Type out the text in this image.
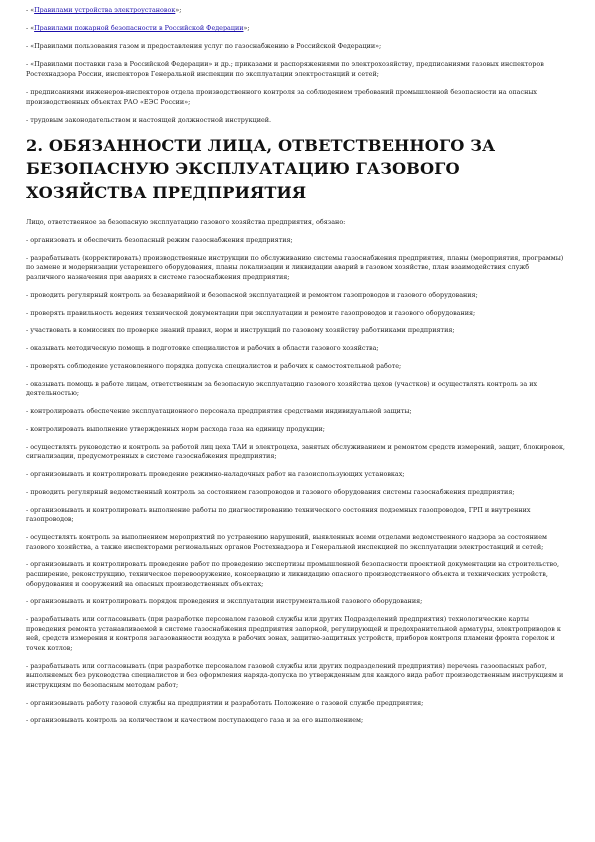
- «Правилами устройства электроустановок»;

- «Правилами пожарной безопасности в Российской Федерации»;

- «Правилами пользования газом и предоставления услуг по газоснабжению в Российской Федерации»;

- «Правилами поставки газа в Российской Федерации» и др.; приказами и распоряжениями по электрохозяйству, предписаниями газовых инспекторов Ростехнадзора России, инспекторов Генеральной инспекции по эксплуатации электростанций и сетей;

- предписаниями инженеров-инспекторов отдела производственного контроля за соблюдением требований промышленной безопасности на опасных производственных объектах РАО «ЕЭС России»;

- трудовым законодательством и настоящей должностной инструкцией.

2. ОБЯЗАННОСТИ ЛИЦА, ОТВЕТСТВЕННОГО ЗА БЕЗОПАСНУЮ ЭКСПЛУАТАЦИЮ ГАЗОВОГО ХОЗЯЙСТВА ПРЕДПРИЯТИЯ

Лицо, ответственное за безопасную эксплуатацию газового хозяйства предприятия, обязано:

- организовать и обеспечить безопасный режим газоснабжения предприятия;

- разрабатывать (корректировать) производственные инструкции по обслуживанию системы газоснабжения предприятия, планы (мероприятия, программы) по замене и модернизации устаревшего оборудования, планы локализации и ликвидации аварий в газовом хозяйстве, план взаимодействия служб различного назначения при авариях в системе газоснабжения предприятия;

- проводить регулярный контроль за безаварийной и безопасной эксплуатацией и ремонтом газопроводов и газового оборудования;

- проверять правильность ведения технической документации при эксплуатации и ремонте газопроводов и газового оборудования;

- участвовать в комиссиях по проверке знаний правил, норм и инструкций по газовому хозяйству работниками предприятия;

- оказывать методическую помощь в подготовке специалистов и рабочих в области газового хозяйства;

- проверять соблюдение установленного порядка допуска специалистов и рабочих к самостоятельной работе;

- оказывать помощь в работе лицам, ответственным за безопасную эксплуатацию газового хозяйства цехов (участков) и осуществлять контроль за их деятельностью;

- контролировать обеспечение эксплуатационного персонала предприятия средствами индивидуальной защиты;

- контролировать выполнение утвержденных норм расхода газа на единицу продукции;

- осуществлять руководство и контроль за работой лиц цеха ТАИ и электроцеха, занятых обслуживанием и ремонтом средств измерений, защит, блокировок, сигнализации, предусмотренных в системе газоснабжения предприятия;

- организовывать и контролировать проведение режимно-наладочных работ на газоиспользующих установках;

- проводить регулярный ведомственный контроль за состоянием газопроводов и газового оборудования системы газоснабжения предприятия;

- организовывать и контролировать выполнение работы по диагностированию технического состояния подземных газопроводов, ГРП и внутренних газопроводов;

- осуществлять контроль за выполнением мероприятий по устранению нарушений, выявленных всеми отделами ведомственного надзора за состоянием газового хозяйства, а также инспекторами региональных органов Ростехнадзора и Генеральной инспекцией по эксплуатации электростанций и сетей;

- организовывать и контролировать проведение работ по проведению экспертизы промышленной безопасности проектной документации на строительство, расширение, реконструкцию, техническое перевооружение, консервацию и ликвидацию опасного производственного объекта и технических устройств, оборудования и сооружений на опасных производственных объектах;

- организовывать и контролировать порядок проведения и эксплуатации инструментальной газового оборудования;

- разрабатывать или согласовывать (при разработке персоналом газовой службы или других Подразделений предприятия) технологические карты проведения ремонта устанавливаемой в системе газоснабжения предприятия запорной, регулирующей и предохранительной арматуры, электроприводов к ней, средств измерения и контроля загазованности воздуха в рабочих зонах, защитно-защитных устройств, приборов контроля пламени фронта горелок и точек котлов;

- разрабатывать или согласовывать (при разработке персоналом газовой службы или других подразделений предприятия) перечень газоопасных работ, выполняемых без руководства специалистов и без оформления наряда-допуска по утвержденным для каждого вида работ производственным инструкциям и инструкциям по безопасным методам работ;

- организовывать работу газовой службы на предприятии и разработать Положение о газовой службе предприятия;

- организовывать контроль за количеством и качеством поступающего газа и за его выполнением;
